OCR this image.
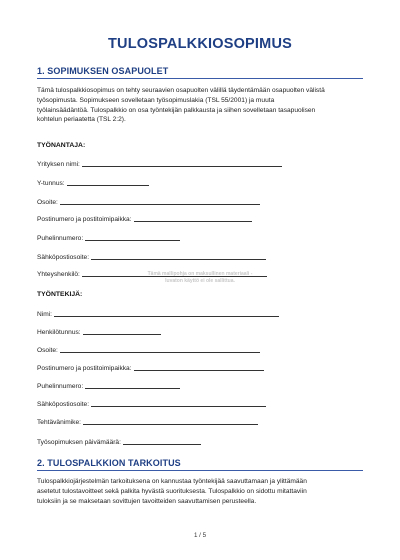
TULOSPALKKIOSOPIMUS
1. SOPIMUKSEN OSAPUOLET
Tämä tulospalkkiosopimus on tehty seuraavien osapuolten välillä täydentämään osapuolten välistä
työsopimusta. Sopimukseen sovelletaan työsopimuslakia (TSL 55/2001) ja muuta
työlainsäädäntöä. Tulospalkkio on osa työntekijän palkkausta ja siihen sovelletaan tasapuolisen
kohtelun periaatetta (TSL 2:2).
TYÖNANTAJA:
Yrityksen nimi:
Y-tunnus:
Osoite:
Postinumero ja postitoimipaikka:
Puhelinnumero:
Sähköpostiosoite:
Yhteyshenkilö:	Tämä mallipohja on maksullinen materiaali -
luvaton käyttö ei ole sallittua.
TYÖNTEKIJÄ:
Nimi:
Henkilötunnus:
Osoite:
Postinumero ja postitoimipaikka:
Puhelinnumero:
Sähköpostiosoite:
Tehtävänimike:
Työsopimuksen päivämäärä:
2. TULOSPALKKION TARKOITUS
Tulospalkkiojärjestelmän tarkoituksena on kannustaa työntekijää saavuttamaan ja ylittämään
asetetut tulostavoitteet sekä palkita hyvästä suorituksesta. Tulospalkkio on sidottu mitattaviin
tuloksiin ja se maksetaan sovittujen tavoitteiden saavuttamisen perusteella.
1 / 5
